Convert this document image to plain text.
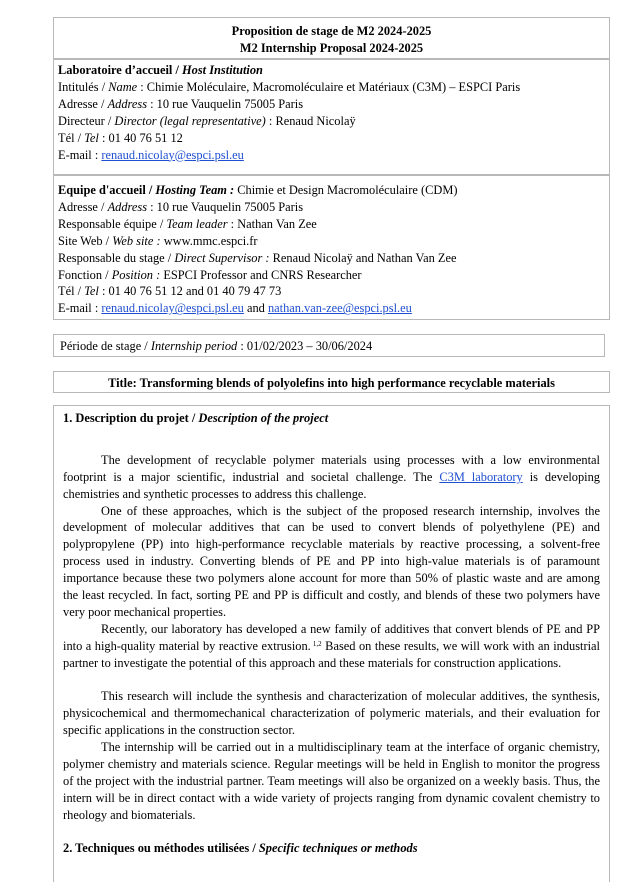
Proposition de stage de M2 2024-2025
M2 Internship Proposal 2024-2025
Laboratoire d’accueil / Host Institution
Intitulés / Name : Chimie Moléculaire, Macromoléculaire et Matériaux (C3M) – ESPCI Paris
Adresse / Address : 10 rue Vauquelin 75005 Paris
Directeur / Director (legal representative) : Renaud Nicolaÿ
Tél / Tel : 01 40 76 51 12
E-mail : renaud.nicolay@espci.psl.eu
Equipe d'accueil / Hosting Team : Chimie et Design Macromoléculaire (CDM)
Adresse / Address : 10 rue Vauquelin 75005 Paris
Responsable équipe / Team leader : Nathan Van Zee
Site Web / Web site : www.mmc.espci.fr
Responsable du stage / Direct Supervisor : Renaud Nicolaÿ and Nathan Van Zee
Fonction / Position : ESPCI Professor and CNRS Researcher
Tél / Tel : 01 40 76 51 12 and 01 40 79 47 73
E-mail : renaud.nicolay@espci.psl.eu and nathan.van-zee@espci.psl.eu
Période de stage / Internship period : 01/02/2023 – 30/06/2024
Title: Transforming blends of polyolefins into high performance recyclable materials
1. Description du projet / Description of the project

The development of recyclable polymer materials using processes with a low environmental footprint is a major scientific, industrial and societal challenge. The C3M laboratory is developing chemistries and synthetic processes to address this challenge.

One of these approaches, which is the subject of the proposed research internship, involves the development of molecular additives that can be used to convert blends of polyethylene (PE) and polypropylene (PP) into high-performance recyclable materials by reactive processing, a solvent-free process used in industry. Converting blends of PE and PP into high-value materials is of paramount importance because these two polymers alone account for more than 50% of plastic waste and are among the least recycled. In fact, sorting PE and PP is difficult and costly, and blends of these two polymers have very poor mechanical properties.

Recently, our laboratory has developed a new family of additives that convert blends of PE and PP into a high-quality material by reactive extrusion. $^{1,2}$ Based on these results, we will work with an industrial partner to investigate the potential of this approach and these materials for construction applications.

This research will include the synthesis and characterization of molecular additives, the synthesis, physicochemical and thermomechanical characterization of polymeric materials, and their evaluation for specific applications in the construction sector.

The internship will be carried out in a multidisciplinary team at the interface of organic chemistry, polymer chemistry and materials science. Regular meetings will be held in English to monitor the progress of the project with the industrial partner. Team meetings will also be organized on a weekly basis. Thus, the intern will be in direct contact with a wide variety of projects ranging from dynamic covalent chemistry to rheology and biomaterials.

2. Techniques ou méthodes utilisées / Specific techniques or methods
